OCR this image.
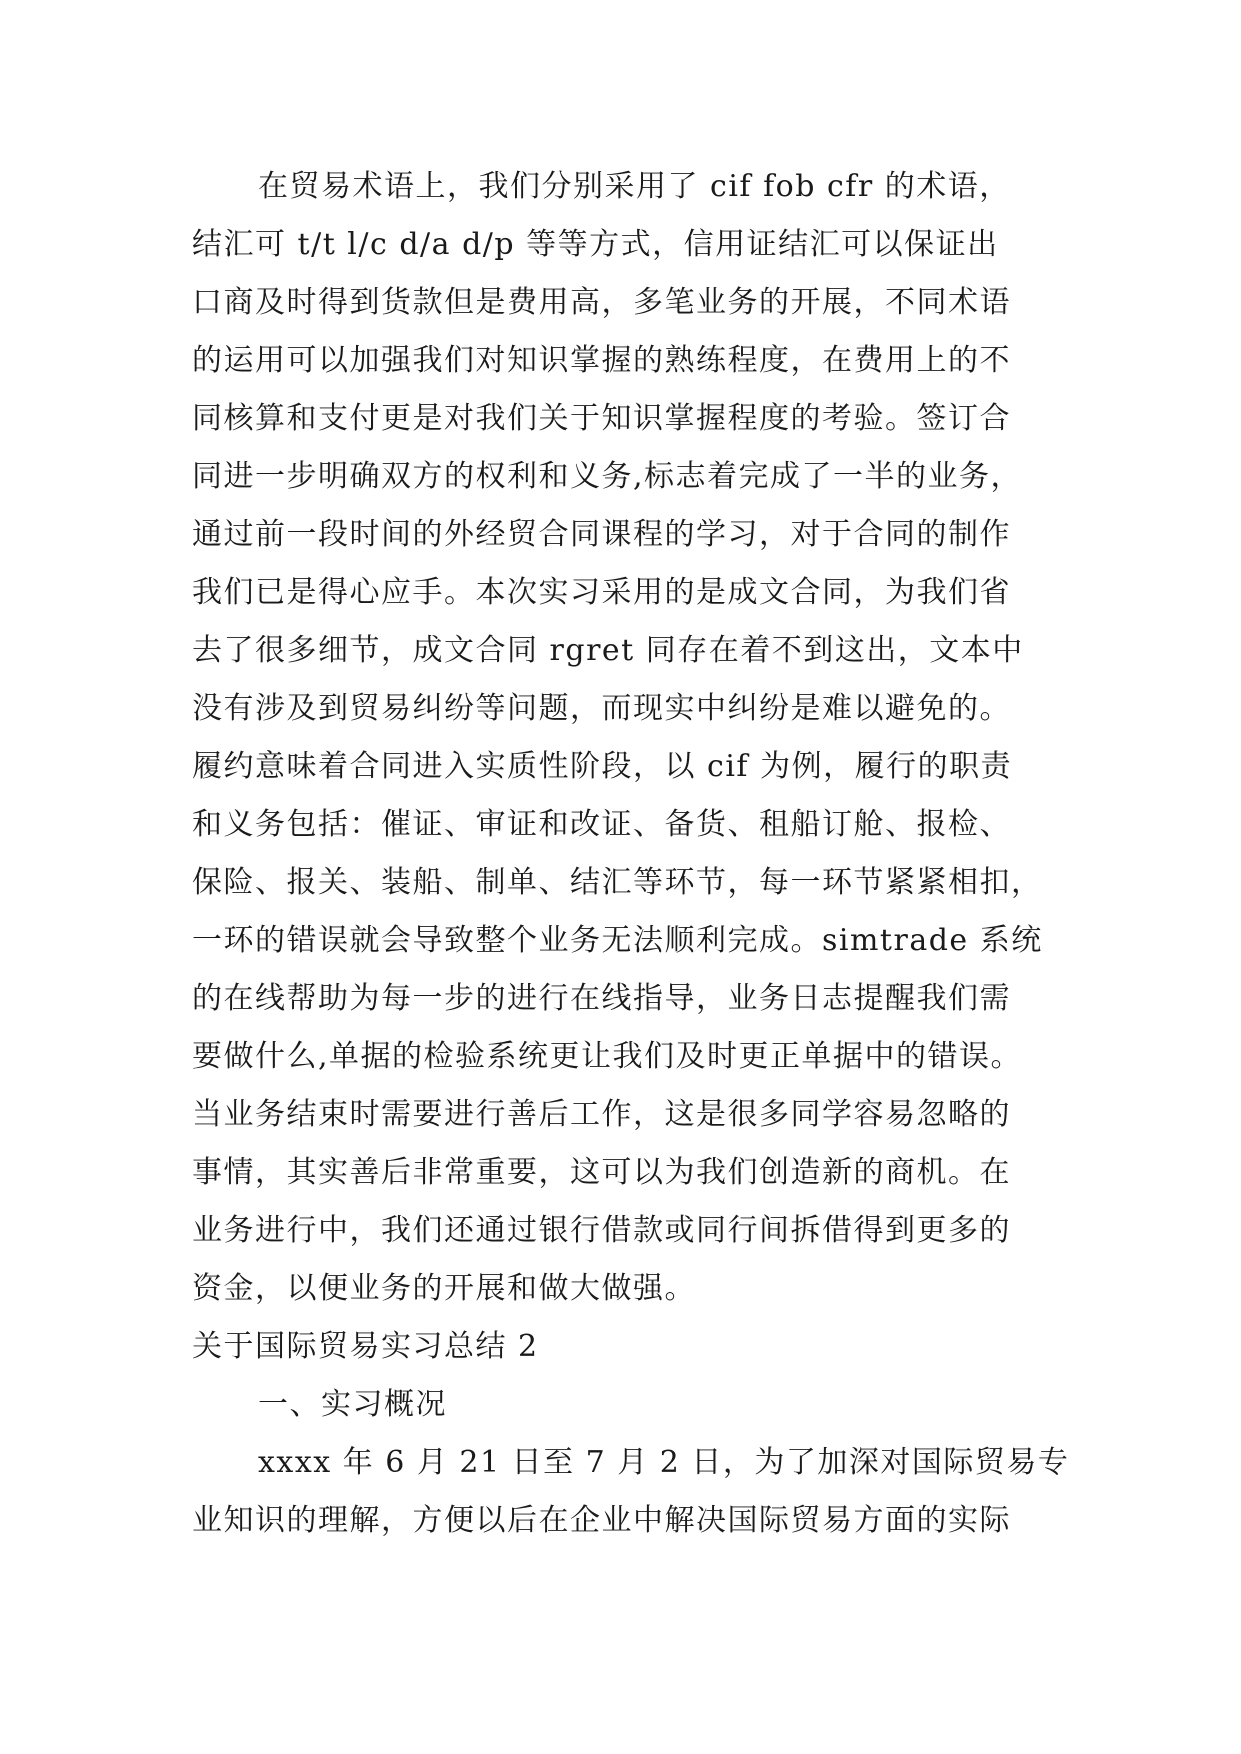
在贸易术语上，我们分别采用了 cif fob cfr 的术语，
结汇可 t/t l/c d/a d/p 等等方式，信用证结汇可以保证出
口商及时得到货款但是费用高，多笔业务的开展，不同术语
的运用可以加强我们对知识掌握的熟练程度，在费用上的不
同核算和支付更是对我们关于知识掌握程度的考验。签订合
同进一步明确双方的权利和义务,标志着完成了一半的业务，
通过前一段时间的外经贸合同课程的学习，对于合同的制作
我们已是得心应手。本次实习采用的是成文合同，为我们省
去了很多细节，成文合同 rgret 同存在着不到这出，文本中
没有涉及到贸易纠纷等问题，而现实中纠纷是难以避免的。
履约意味着合同进入实质性阶段，以 cif 为例，履行的职责
和义务包括：催证、审证和改证、备货、租船订舱、报检、
保险、报关、装船、制单、结汇等环节，每一环节紧紧相扣，
一环的错误就会导致整个业务无法顺利完成。simtrade 系统
的在线帮助为每一步的进行在线指导，业务日志提醒我们需
要做什么,单据的检验系统更让我们及时更正单据中的错误。
当业务结束时需要进行善后工作，这是很多同学容易忽略的
事情，其实善后非常重要，这可以为我们创造新的商机。在
业务进行中，我们还通过银行借款或同行间拆借得到更多的
资金，以便业务的开展和做大做强。
关于国际贸易实习总结 2
一、实习概况
xxxx 年 6 月 21 日至 7 月 2 日，为了加深对国际贸易专
业知识的理解，方便以后在企业中解决国际贸易方面的实际
